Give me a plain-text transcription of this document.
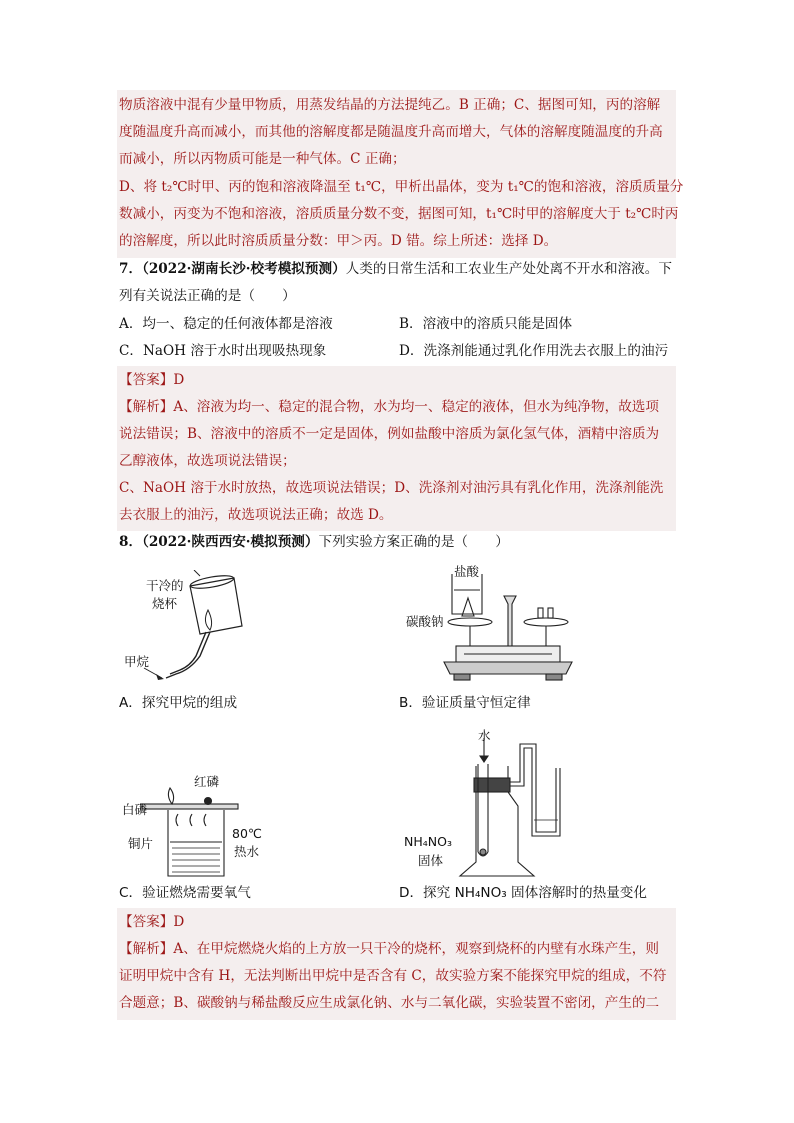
物质溶液中混有少量甲物质，用蒸发结晶的方法提纯乙。B 正确；C、据图可知，丙的溶解
度随温度升高而减小，而其他的溶解度都是随温度升高而增大，气体的溶解度随温度的升高
而减小，所以丙物质可能是一种气体。C 正确；
D、将 t₂℃时甲、丙的饱和溶液降温至 t₁℃，甲析出晶体，变为 t₁℃的饱和溶液，溶质质量分
数减小，丙变为不饱和溶液，溶质质量分数不变，据图可知，t₁℃时甲的溶解度大于 t₂℃时丙
的溶解度，所以此时溶质质量分数：甲＞丙。D 错。综上所述：选择 D。
7．（2022·湖南长沙·校考模拟预测）人类的日常生活和工农业生产处处离不开水和溶液。下
列有关说法正确的是（　　）
A．均一、稳定的任何液体都是溶液	B．溶液中的溶质只能是固体
C．NaOH 溶于水时出现吸热现象	D．洗涤剂能通过乳化作用洗去衣服上的油污
【答案】D
【解析】A、溶液为均一、稳定的混合物，水为均一、稳定的液体，但水为纯净物，故选项
说法错误；B、溶液中的溶质不一定是固体，例如盐酸中溶质为氯化氢气体，酒精中溶质为
乙醇液体，故选项说法错误；
C、NaOH 溶于水时放热，故选项说法错误；D、洗涤剂对油污具有乳化作用，洗涤剂能洗
去衣服上的油污，故选项说法正确；故选 D。
8．（2022·陕西西安·模拟预测）下列实验方案正确的是（　　）
干冷的
烧杯
甲烷
A．探究甲烷的组成
盐酸
碳酸钠
B．验证质量守恒定律
红磷
白磷
铜片
80℃
热水
C．验证燃烧需要氧气
水
NH₄NO₃
固体
D．探究 NH₄NO₃ 固体溶解时的热量变化
【答案】D
【解析】A、在甲烷燃烧火焰的上方放一只干冷的烧杯，观察到烧杯的内壁有水珠产生，则
证明甲烷中含有 H，无法判断出甲烷中是否含有 C，故实验方案不能探究甲烷的组成，不符
合题意；B、碳酸钠与稀盐酸反应生成氯化钠、水与二氧化碳，实验装置不密闭，产生的二
